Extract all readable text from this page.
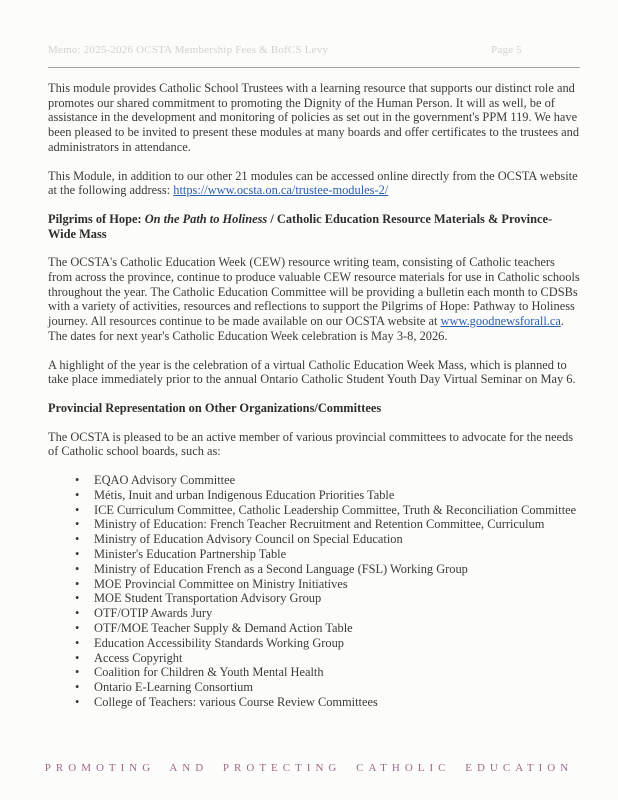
Memo: 2025-2026 OCSTA Membership Fees & BofCS Levy	Page 5

This module provides Catholic School Trustees with a learning resource that supports our distinct role and promotes our shared commitment to promoting the Dignity of the Human Person. It will as well, be of assistance in the development and monitoring of policies as set out in the government's PPM 119. We have been pleased to be invited to present these modules at many boards and offer certificates to the trustees and administrators in attendance.

This Module, in addition to our other 21 modules can be accessed online directly from the OCSTA website at the following address: https://www.ocsta.on.ca/trustee-modules-2/

Pilgrims of Hope: On the Path to Holiness / Catholic Education Resource Materials & Province-Wide Mass

The OCSTA's Catholic Education Week (CEW) resource writing team, consisting of Catholic teachers from across the province, continue to produce valuable CEW resource materials for use in Catholic schools throughout the year. The Catholic Education Committee will be providing a bulletin each month to CDSBs with a variety of activities, resources and reflections to support the Pilgrims of Hope: Pathway to Holiness journey. All resources continue to be made available on our OCSTA website at www.goodnewsforall.ca. The dates for next year's Catholic Education Week celebration is May 3-8, 2026.

A highlight of the year is the celebration of a virtual Catholic Education Week Mass, which is planned to take place immediately prior to the annual Ontario Catholic Student Youth Day Virtual Seminar on May 6.

Provincial Representation on Other Organizations/Committees

The OCSTA is pleased to be an active member of various provincial committees to advocate for the needs of Catholic school boards, such as:

• EQAO Advisory Committee
• Métis, Inuit and urban Indigenous Education Priorities Table
• ICE Curriculum Committee, Catholic Leadership Committee, Truth & Reconciliation Committee
• Ministry of Education: French Teacher Recruitment and Retention Committee, Curriculum
• Ministry of Education Advisory Council on Special Education
• Minister's Education Partnership Table
• Ministry of Education French as a Second Language (FSL) Working Group
• MOE Provincial Committee on Ministry Initiatives
• MOE Student Transportation Advisory Group
• OTF/OTIP Awards Jury
• OTF/MOE Teacher Supply & Demand Action Table
• Education Accessibility Standards Working Group
• Access Copyright
• Coalition for Children & Youth Mental Health
• Ontario E-Learning Consortium
• College of Teachers: various Course Review Committees
PROMOTING AND PROTECTING CATHOLIC EDUCATION
